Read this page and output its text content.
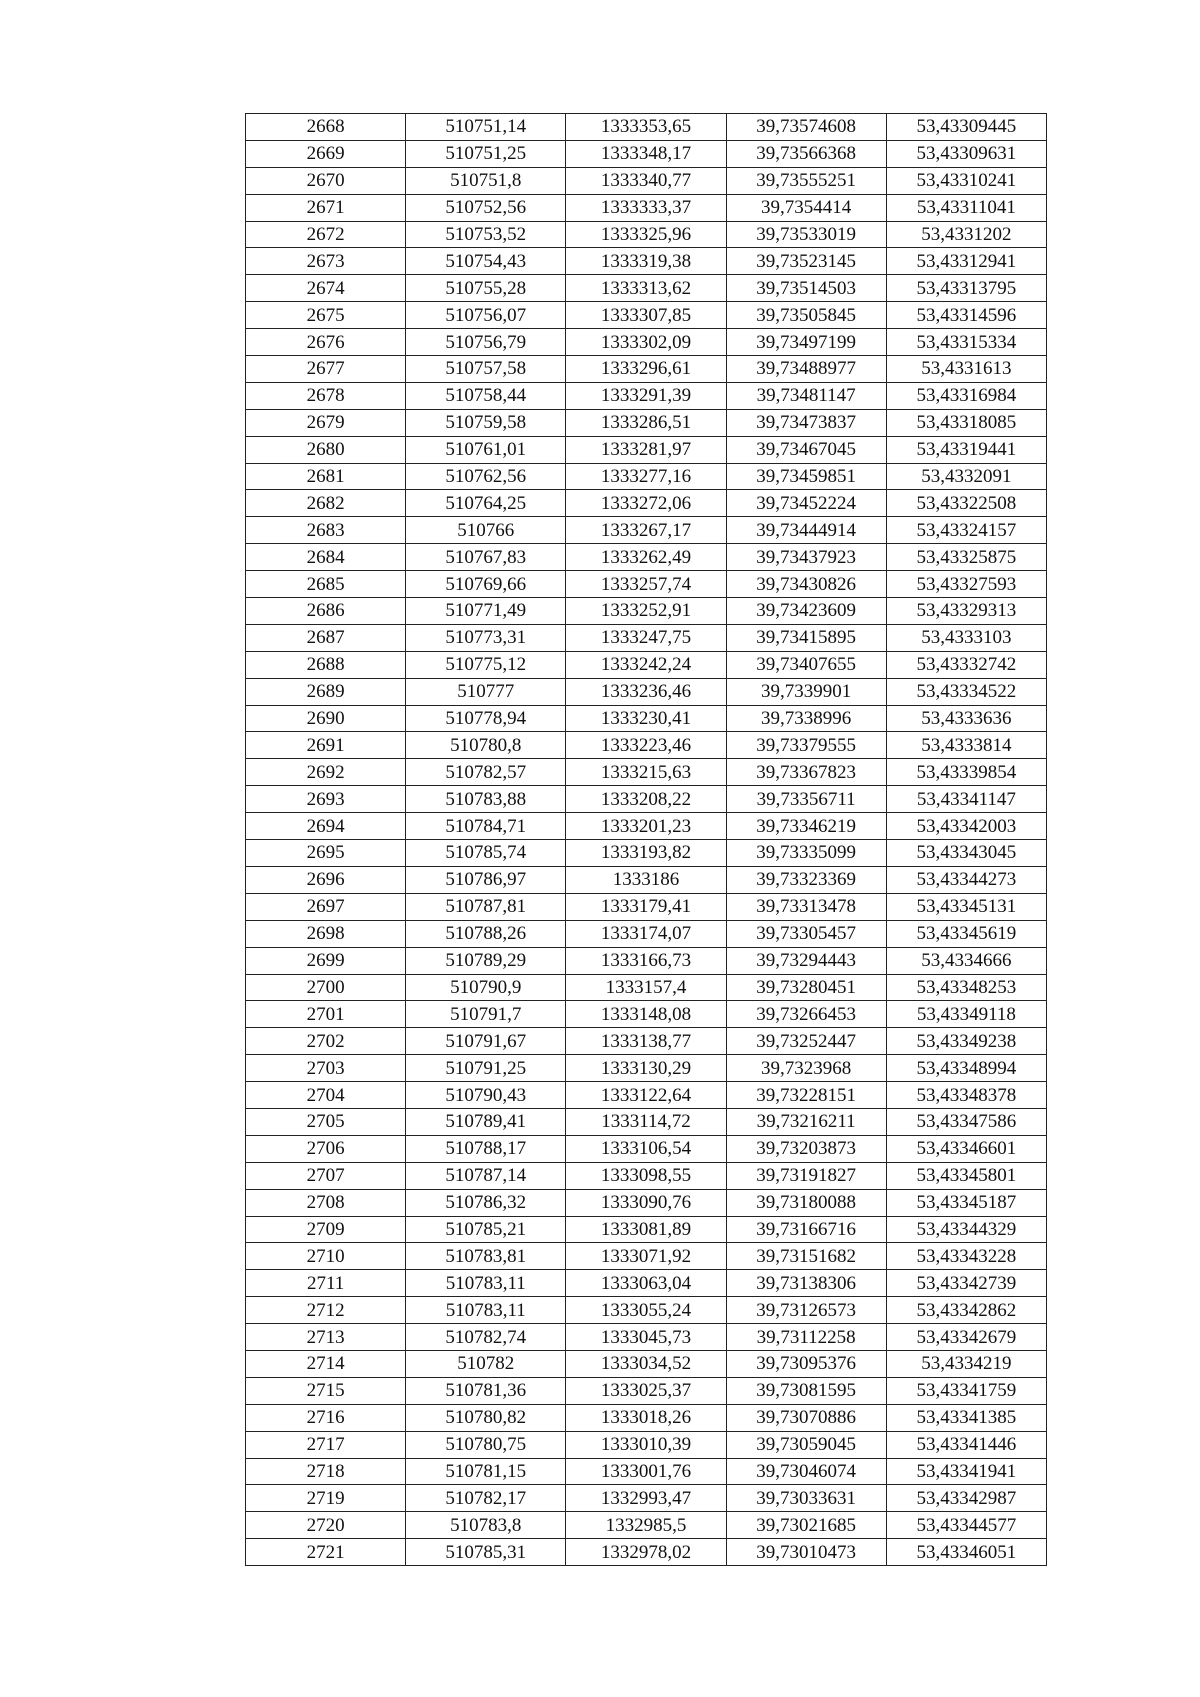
2668	510751,14	1333353,65	39,73574608	53,43309445
2669	510751,25	1333348,17	39,73566368	53,43309631
2670	510751,8	1333340,77	39,73555251	53,43310241
2671	510752,56	1333333,37	39,7354414	53,43311041
2672	510753,52	1333325,96	39,73533019	53,4331202
2673	510754,43	1333319,38	39,73523145	53,43312941
2674	510755,28	1333313,62	39,73514503	53,43313795
2675	510756,07	1333307,85	39,73505845	53,43314596
2676	510756,79	1333302,09	39,73497199	53,43315334
2677	510757,58	1333296,61	39,73488977	53,4331613
2678	510758,44	1333291,39	39,73481147	53,43316984
2679	510759,58	1333286,51	39,73473837	53,43318085
2680	510761,01	1333281,97	39,73467045	53,43319441
2681	510762,56	1333277,16	39,73459851	53,4332091
2682	510764,25	1333272,06	39,73452224	53,43322508
2683	510766	1333267,17	39,73444914	53,43324157
2684	510767,83	1333262,49	39,73437923	53,43325875
2685	510769,66	1333257,74	39,73430826	53,43327593
2686	510771,49	1333252,91	39,73423609	53,43329313
2687	510773,31	1333247,75	39,73415895	53,4333103
2688	510775,12	1333242,24	39,73407655	53,43332742
2689	510777	1333236,46	39,7339901	53,43334522
2690	510778,94	1333230,41	39,7338996	53,4333636
2691	510780,8	1333223,46	39,73379555	53,4333814
2692	510782,57	1333215,63	39,73367823	53,43339854
2693	510783,88	1333208,22	39,73356711	53,43341147
2694	510784,71	1333201,23	39,73346219	53,43342003
2695	510785,74	1333193,82	39,73335099	53,43343045
2696	510786,97	1333186	39,73323369	53,43344273
2697	510787,81	1333179,41	39,73313478	53,43345131
2698	510788,26	1333174,07	39,73305457	53,43345619
2699	510789,29	1333166,73	39,73294443	53,4334666
2700	510790,9	1333157,4	39,73280451	53,43348253
2701	510791,7	1333148,08	39,73266453	53,43349118
2702	510791,67	1333138,77	39,73252447	53,43349238
2703	510791,25	1333130,29	39,7323968	53,43348994
2704	510790,43	1333122,64	39,73228151	53,43348378
2705	510789,41	1333114,72	39,73216211	53,43347586
2706	510788,17	1333106,54	39,73203873	53,43346601
2707	510787,14	1333098,55	39,73191827	53,43345801
2708	510786,32	1333090,76	39,73180088	53,43345187
2709	510785,21	1333081,89	39,73166716	53,43344329
2710	510783,81	1333071,92	39,73151682	53,43343228
2711	510783,11	1333063,04	39,73138306	53,43342739
2712	510783,11	1333055,24	39,73126573	53,43342862
2713	510782,74	1333045,73	39,73112258	53,43342679
2714	510782	1333034,52	39,73095376	53,4334219
2715	510781,36	1333025,37	39,73081595	53,43341759
2716	510780,82	1333018,26	39,73070886	53,43341385
2717	510780,75	1333010,39	39,73059045	53,43341446
2718	510781,15	1333001,76	39,73046074	53,43341941
2719	510782,17	1332993,47	39,73033631	53,43342987
2720	510783,8	1332985,5	39,73021685	53,43344577
2721	510785,31	1332978,02	39,73010473	53,43346051
